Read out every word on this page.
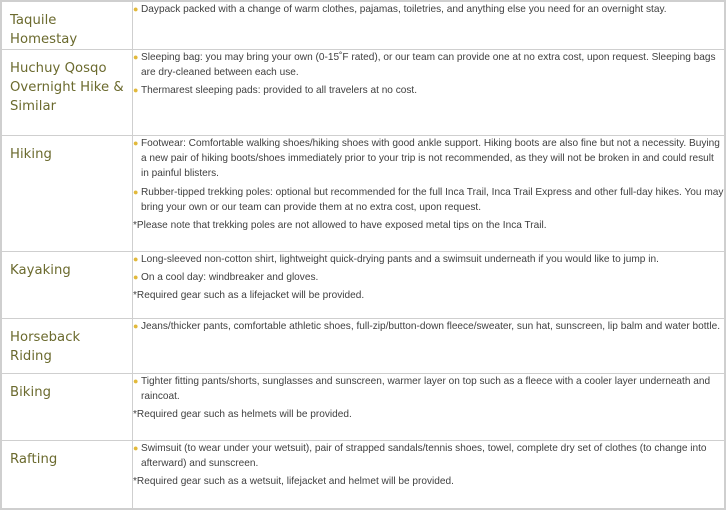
Taquile Homestay	● Daypack packed with a change of warm clothes, pajamas, toiletries, and anything else you need for an overnight stay.

Huchuy Qosqo Overnight Hike & Similar	● Sleeping bag: you may bring your own (0-15˚F rated), or our team can provide one at no extra cost, upon request. Sleeping bags are dry-cleaned between each use.
● Thermarest sleeping pads: provided to all travelers at no cost.

Hiking	● Footwear: Comfortable walking shoes/hiking shoes with good ankle support. Hiking boots are also fine but not a necessity. Buying a new pair of hiking boots/shoes immediately prior to your trip is not recommended, as they will not be broken in and could result in painful blisters.
● Rubber-tipped trekking poles: optional but recommended for the full Inca Trail, Inca Trail Express and other full-day hikes. You may bring your own or our team can provide them at no extra cost, upon request.
*Please note that trekking poles are not allowed to have exposed metal tips on the Inca Trail.

Kayaking	● Long-sleeved non-cotton shirt, lightweight quick-drying pants and a swimsuit underneath if you would like to jump in.
● On a cool day: windbreaker and gloves.
*Required gear such as a lifejacket will be provided.

Horseback Riding	● Jeans/thicker pants, comfortable athletic shoes, full-zip/button-down fleece/sweater, sun hat, sunscreen, lip balm and water bottle.

Biking	● Tighter fitting pants/shorts, sunglasses and sunscreen, warmer layer on top such as a fleece with a cooler layer underneath and raincoat.
*Required gear such as helmets will be provided.

Rafting	● Swimsuit (to wear under your wetsuit), pair of strapped sandals/tennis shoes, towel, complete dry set of clothes (to change into afterward) and sunscreen.
*Required gear such as a wetsuit, lifejacket and helmet will be provided.
